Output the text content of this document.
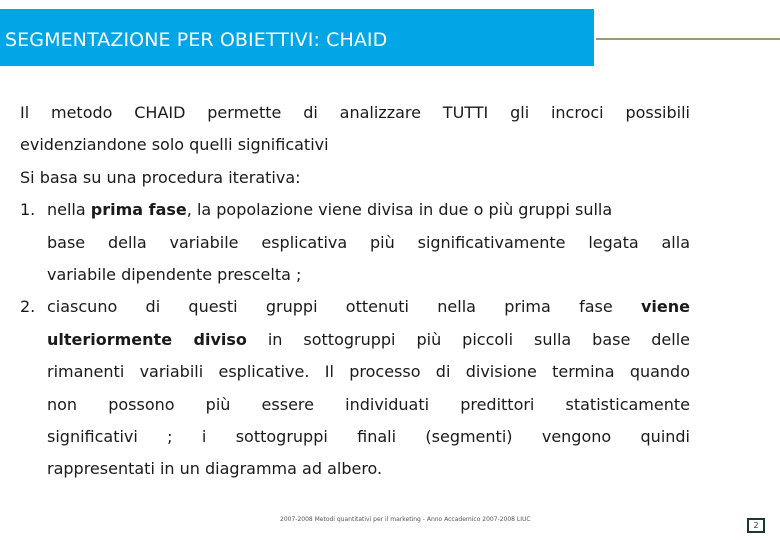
SEGMENTAZIONE PER OBIETTIVI: CHAID
Il metodo CHAID permette di analizzare TUTTI gli incroci possibili
evidenziandone solo quelli significativi
Si basa su una procedura iterativa:
1. nella prima fase, la popolazione viene divisa in due o più gruppi sulla
base della variabile esplicativa più significativamente legata alla
variabile dipendente prescelta ;
2. ciascuno di questi gruppi ottenuti nella prima fase viene
ulteriormente diviso in sottogruppi più piccoli sulla base delle
rimanenti variabili esplicative. Il processo di divisione termina quando
non possono più essere individuati predittori statisticamente
significativi ; i sottogruppi finali (segmenti) vengono quindi
rappresentati in un diagramma ad albero.
2007-2008 Metodi quantitativi per il marketing - Anno Accademico 2007-2008 LIUC
2
